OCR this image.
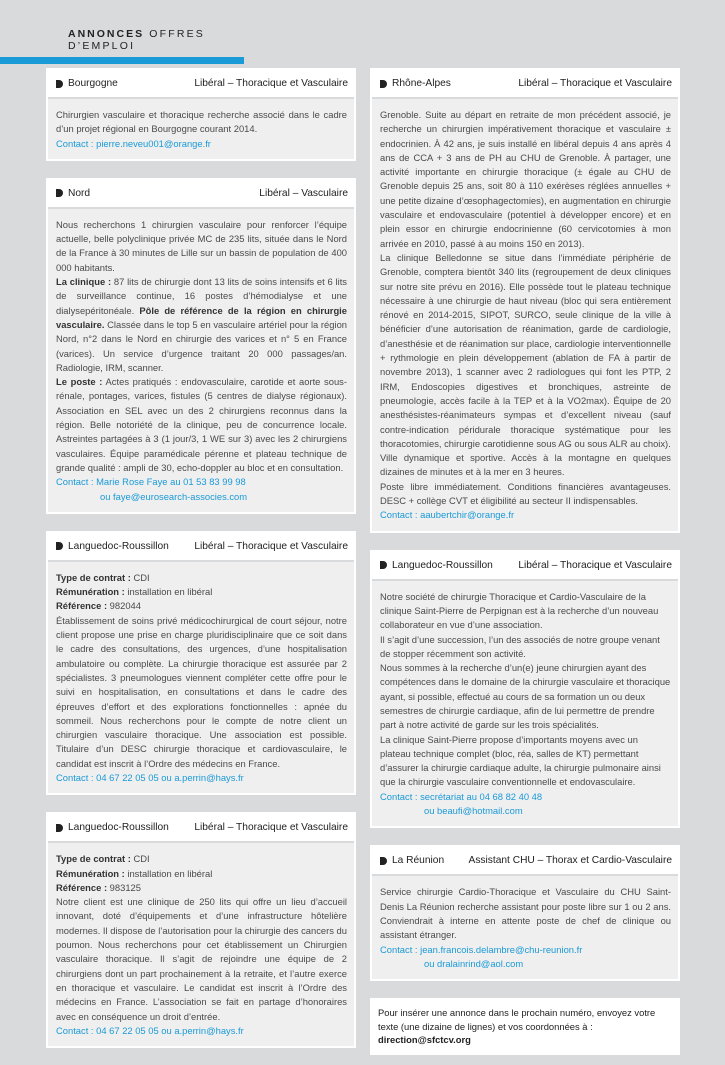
ANNONCES OFFRES D’EMPLOI
Bourgogne	Libéral – Thoracique et Vasculaire

Chirurgien vasculaire et thoracique recherche associé dans le cadre d’un projet régional en Bourgogne courant 2014.

Contact : pierre.neveu001@orange.fr

Nord	Libéral – Vasculaire

Nous recherchons 1 chirurgien vasculaire pour renforcer l’équipe actuelle, belle polyclinique privée MC de 235 lits, située dans le Nord de la France à 30 minutes de Lille sur un bassin de population de 400 000 habitants.

La clinique : 87 lits de chirurgie dont 13 lits de soins intensifs et 6 lits de surveillance continue, 16 postes d’hémodialyse et une dialysepéritonéale. Pôle de référence de la région en chirurgie vasculaire. Classée dans le top 5 en vasculaire artériel pour la région Nord, n°2 dans le Nord en chirurgie des varices et n° 5 en France (varices). Un service d’urgence traitant 20 000 passages/an. Radiologie, IRM, scanner.

Le poste : Actes pratiqués : endovasculaire, carotide et aorte sous-rénale, pontages, varices, fistules (5 centres de dialyse régionaux). Association en SEL avec un des 2 chirurgiens reconnus dans la région. Belle notoriété de la clinique, peu de concurrence locale. Astreintes partagées à 3 (1 jour/3, 1 WE sur 3) avec les 2 chirurgiens vasculaires. Équipe paramédicale pérenne et plateau technique de grande qualité : ampli de 30, echo-doppler au bloc et en consultation.

Contact : Marie Rose Faye au 01 53 83 99 98
ou faye@eurosearch-associes.com

Languedoc-Roussillon	Libéral – Thoracique et Vasculaire

Type de contrat : CDI
Rémunération : installation en libéral
Référence : 982044

Établissement de soins privé médicochirurgical de court séjour, notre client propose une prise en charge pluridisciplinaire que ce soit dans le cadre des consultations, des urgences, d’une hospitalisation ambulatoire ou complète. La chirurgie thoracique est assurée par 2 spécialistes. 3 pneumologues viennent compléter cette offre pour le suivi en hospitalisation, en consultations et dans le cadre des épreuves d’effort et des explorations fonctionnelles : apnée du sommeil. Nous recherchons pour le compte de notre client un chirurgien vasculaire thoracique. Une association est possible. Titulaire d’un DESC chirurgie thoracique et cardiovasculaire, le candidat est inscrit à l’Ordre des médecins en France.

Contact : 04 67 22 05 05 ou a.perrin@hays.fr

Languedoc-Roussillon	Libéral – Thoracique et Vasculaire

Type de contrat : CDI
Rémunération : installation en libéral
Référence : 983125

Notre client est une clinique de 250 lits qui offre un lieu d’accueil innovant, doté d’équipements et d’une infrastructure hôtelière modernes. Il dispose de l’autorisation pour la chirurgie des cancers du poumon. Nous recherchons pour cet établissement un Chirurgien vasculaire thoracique. Il s’agit de rejoindre une équipe de 2 chirurgiens dont un part prochainement à la retraite, et l’autre exerce en thoracique et vasculaire. Le candidat est inscrit à l’Ordre des médecins en France. L’association se fait en partage d’honoraires avec en conséquence un droit d’entrée.

Contact : 04 67 22 05 05 ou a.perrin@hays.fr

Rhône-Alpes	Libéral – Thoracique et Vasculaire

Grenoble. Suite au départ en retraite de mon précédent associé, je recherche un chirurgien impérativement thoracique et vasculaire ± endocrinien. À 42 ans, je suis installé en libéral depuis 4 ans après 4 ans de CCA + 3 ans de PH au CHU de Grenoble. À partager, une activité importante en chirurgie thoracique (± égale au CHU de Grenoble depuis 25 ans, soit 80 à 110 exérèses réglées annuelles + une petite dizaine d’œsophagectomies), en augmentation en chirurgie vasculaire et endovasculaire (potentiel à développer encore) et en plein essor en chirurgie endocrinienne (60 cervicotomies à mon arrivée en 2010, passé à au moins 150 en 2013).

La clinique Belledonne se situe dans l’immédiate périphérie de Grenoble, comptera bientôt 340 lits (regroupement de deux cliniques sur notre site prévu en 2016). Elle possède tout le plateau technique nécessaire à une chirurgie de haut niveau (bloc qui sera entièrement rénové en 2014-2015, SIPOT, SURCO, seule clinique de la ville à bénéficier d’une autorisation de réanimation, garde de cardiologie, d’anesthésie et de réanimation sur place, cardiologie interventionnelle + rythmologie en plein développement (ablation de FA à partir de novembre 2013), 1 scanner avec 2 radiologues qui font les PTP, 2 IRM, Endoscopies digestives et bronchiques, astreinte de pneumologie, accès facile à la TEP et à la VO2max). Équipe de 20 anesthésistes-réanimateurs sympas et d’excellent niveau (sauf contre-indication péridurale thoracique systématique pour les thoracotomies, chirurgie carotidienne sous AG ou sous ALR au choix).

Ville dynamique et sportive. Accès à la montagne en quelques dizaines de minutes et à la mer en 3 heures.

Poste libre immédiatement. Conditions financières avantageuses. DESC + collège CVT et éligibilité au secteur II indispensables.

Contact : aaubertchir@orange.fr

Languedoc-Roussillon	Libéral – Thoracique et Vasculaire

Notre société de chirurgie Thoracique et Cardio-Vasculaire de la clinique Saint-Pierre de Perpignan est à la recherche d’un nouveau collaborateur en vue d’une association.

Il s’agit d’une succession, l’un des associés de notre groupe venant de stopper récemment son activité.

Nous sommes à la recherche d’un(e) jeune chirurgien ayant des compétences dans le domaine de la chirurgie vasculaire et thoracique ayant, si possible, effectué au cours de sa formation un ou deux semestres de chirurgie cardiaque, afin de lui permettre de prendre part à notre activité de garde sur les trois spécialités.

La clinique Saint-Pierre propose d’importants moyens avec un plateau technique complet (bloc, réa, salles de KT) permettant d’assurer la chirurgie cardiaque adulte, la chirurgie pulmonaire ainsi que la chirurgie vasculaire conventionnelle et endovasculaire.

Contact : secrétariat au 04 68 82 40 48
ou beaufi@hotmail.com

La Réunion Assistant CHU – Thorax et Cardio-Vasculaire

Service chirurgie Cardio-Thoracique et Vasculaire du CHU Saint-Denis La Réunion recherche assistant pour poste libre sur 1 ou 2 ans. Conviendrait à interne en attente poste de chef de clinique ou assistant étranger.

Contact : jean.francois.delambre@chu-reunion.fr
ou dralainrind@aol.com

Pour insérer une annonce dans le prochain numéro, envoyez votre texte (une dizaine de lignes) et vos coordonnées à : direction@sfctcv.org
